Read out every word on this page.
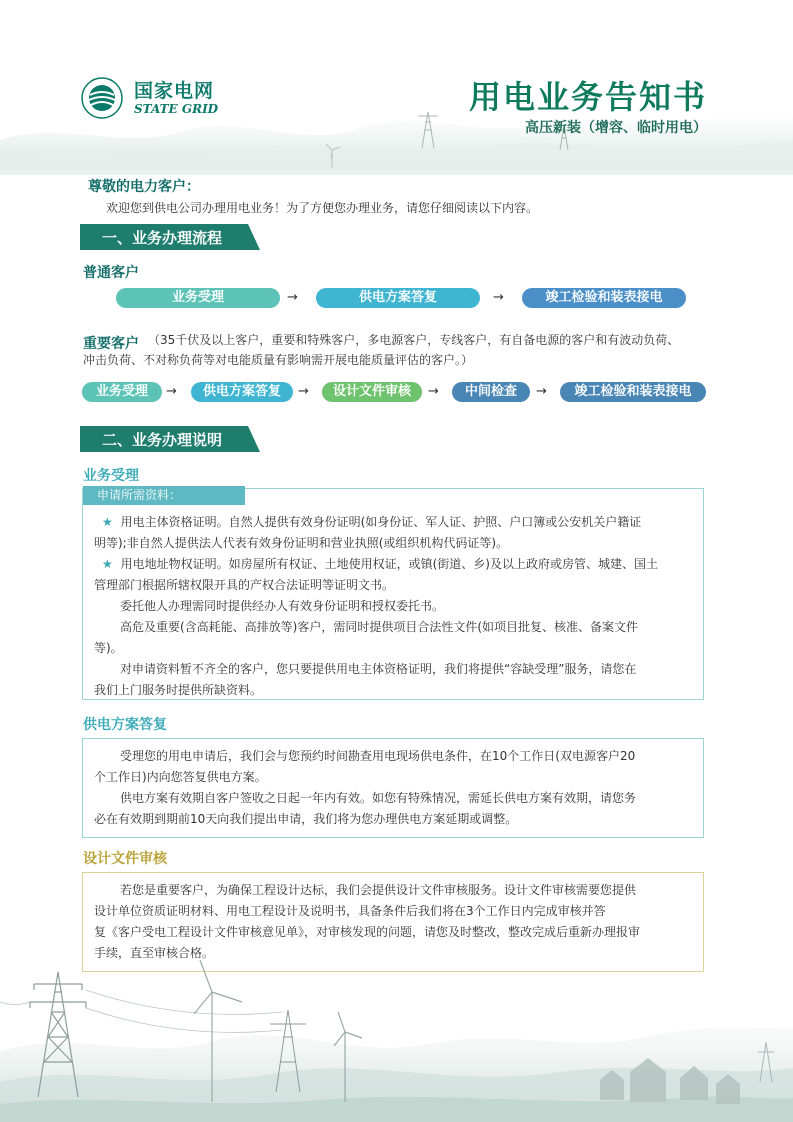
国家电网
STATE GRID	用电业务告知书
高压新装（增容、临时用电）
尊敬的电力客户：
欢迎您到供电公司办理用电业务！为了方便您办理业务，请您仔细阅读以下内容。
一、业务办理流程
普通客户
业务受理	→	供电方案答复	→	竣工检验和装表接电
重要客户 （35千伏及以上客户，重要和特殊客户，多电源客户，专线客户，有自备电源的客户和有波动负荷、
冲击负荷、不对称负荷等对电能质量有影响需开展电能质量评估的客户。）
业务受理	→	供电方案答复	→	设计文件审核	→	中间检查	→	竣工检验和装表接电
二、业务办理说明
业务受理
申请所需资料：
★ 用电主体资格证明。自然人提供有效身份证明(如身份证、军人证、护照、户口簿或公安机关户籍证
明等);非自然人提供法人代表有效身份证明和营业执照(或组织机构代码证等)。
★ 用电地址物权证明。如房屋所有权证、土地使用权证，或镇(街道、乡)及以上政府或房管、城建、国土
管理部门根据所辖权限开具的产权合法证明等证明文书。
委托他人办理需同时提供经办人有效身份证明和授权委托书。
高危及重要(含高耗能、高排放等)客户，需同时提供项目合法性文件(如项目批复、核准、备案文件
等)。
对申请资料暂不齐全的客户，您只要提供用电主体资格证明，我们将提供“容缺受理”服务，请您在
我们上门服务时提供所缺资料。
供电方案答复
受理您的用电申请后，我们会与您预约时间勘查用电现场供电条件，在10个工作日(双电源客户20
个工作日)内向您答复供电方案。
供电方案有效期自客户签收之日起一年内有效。如您有特殊情况，需延长供电方案有效期，请您务
必在有效期到期前10天向我们提出申请，我们将为您办理供电方案延期或调整。
设计文件审核
若您是重要客户，为确保工程设计达标，我们会提供设计文件审核服务。设计文件审核需要您提供
设计单位资质证明材料、用电工程设计及说明书，具备条件后我们将在3个工作日内完成审核并答
复《客户受电工程设计文件审核意见单》，对审核发现的问题，请您及时整改，整改完成后重新办理报审
手续，直至审核合格。
